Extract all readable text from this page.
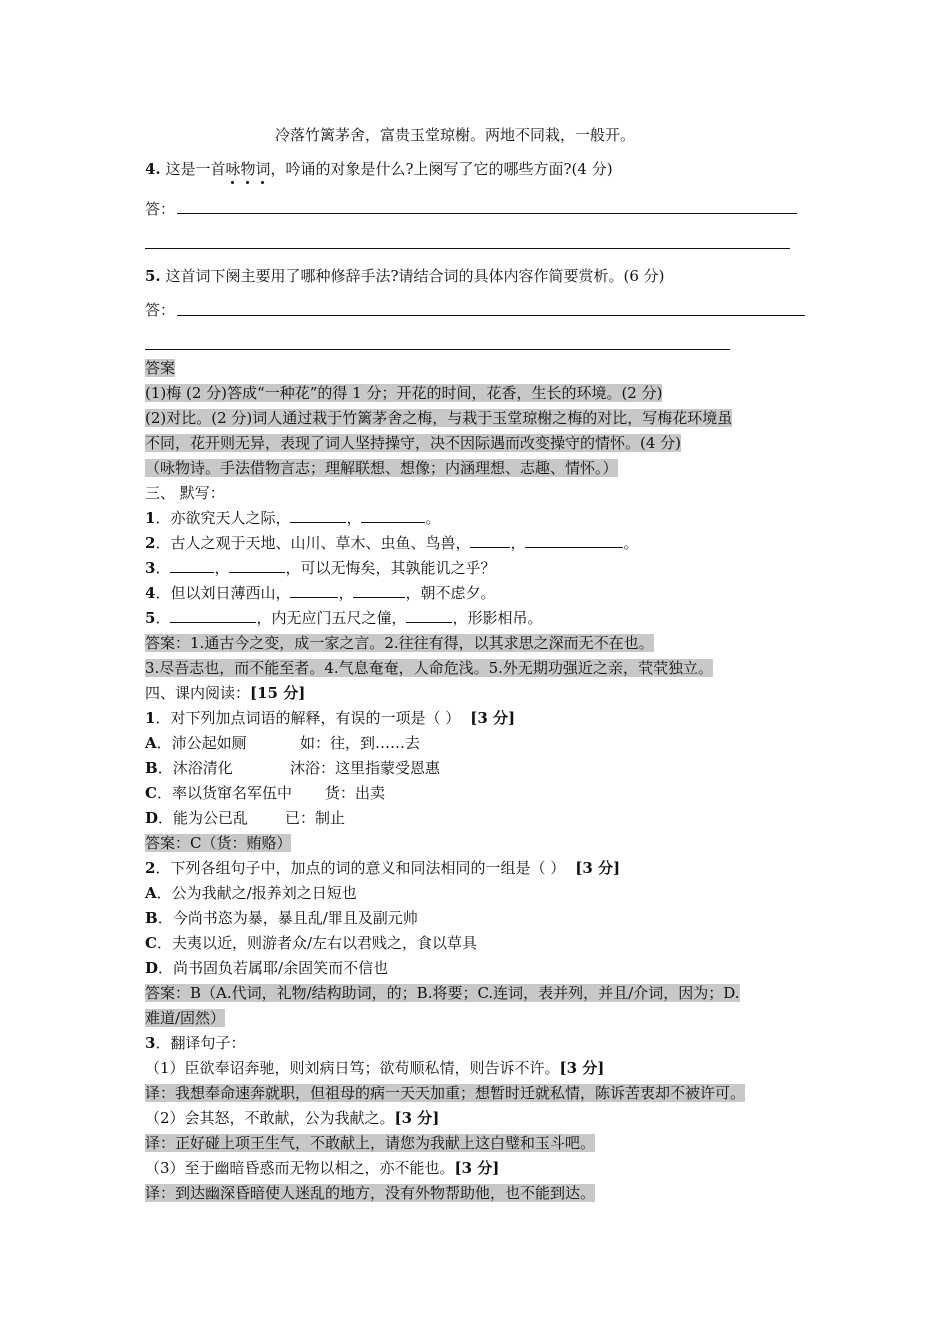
冷落竹篱茅舍，富贵玉堂琼榭。两地不同栽，一般开。
4. 这是一首咏物词
，吟诵的对象是什么?上阕写了它的哪些方面?(4 分)
答：
5. 这首词下阕主要用了哪种修辞手法?请结合词的具体内容作简要赏析。(6 分)
答：
答案
(1)梅 (2 分)答成“一种花”的得 1 分；开花的时间，花香，生长的环境。(2 分)
(2)对比。(2 分)词人通过栽于竹篱茅舍之梅，与栽于玉堂琼榭之梅的对比，写梅花环境虽
不同，花开则无异，表现了词人坚持操守，决不因际遇而改变操守的情怀。(4 分)
（咏物诗。手法借物言志；理解联想、想像；内涵理想、志趣、情怀。）
三、 默写：
1．亦欲究天人之际，	，	。
2．古人之观于天地、山川、草木、虫鱼、鸟兽，	，	。
3．	，	，可以无悔矣，其孰能讥之乎？
4．但以刘日薄西山，	，	，朝不虑夕。
5．	，内无应门五尺之僮，	，形影相吊。
答案：1.通古今之变，成一家之言。2.往往有得，以其求思之深而无不在也。
3.尽吾志也，而不能至者。4.气息奄奄，人命危浅。5.外无期功强近之亲，茕茕独立。
四、课内阅读：[15 分]
1．对下列加点词语的解释，有误的一项是（ ） [3 分]
A．沛公起如厕	如：往，到……去
B．沐浴清化	沐浴：这里指蒙受恩惠
C．率以货窜名军伍中 货：出卖
D．能为公已乱 已：制止
答案：C（货：贿赂）
2．下列各组句子中，加点的词的意义和同法相同的一组是（ ） [3 分]
A．公为我献之/报养刘之日短也
B．今尚书恣为暴，暴且乱/罪且及副元帅
C．夫夷以近，则游者众/左右以君贱之，食以草具
D．尚书固负若属耶/余固笑而不信也
答案：B（A.代词，礼物/结构助词，的；B.将要；C.连词，表并列，并且/介词，因为；D.
难道/固然）
3．翻译句子：
（1）臣欲奉诏奔驰，则刘病日笃；欲苟顺私情，则告诉不许。[3 分]
译：我想奉命速奔就职，但祖母的病一天天加重；想暂时迁就私情，陈诉苦衷却不被许可。
（2）会其怒，不敢献，公为我献之。[3 分]
译：正好碰上项王生气，不敢献上，请您为我献上这白璧和玉斗吧。
（3）至于幽暗昏惑而无物以相之，亦不能也。[3 分]
译：到达幽深昏暗使人迷乱的地方，没有外物帮助他，也不能到达。
